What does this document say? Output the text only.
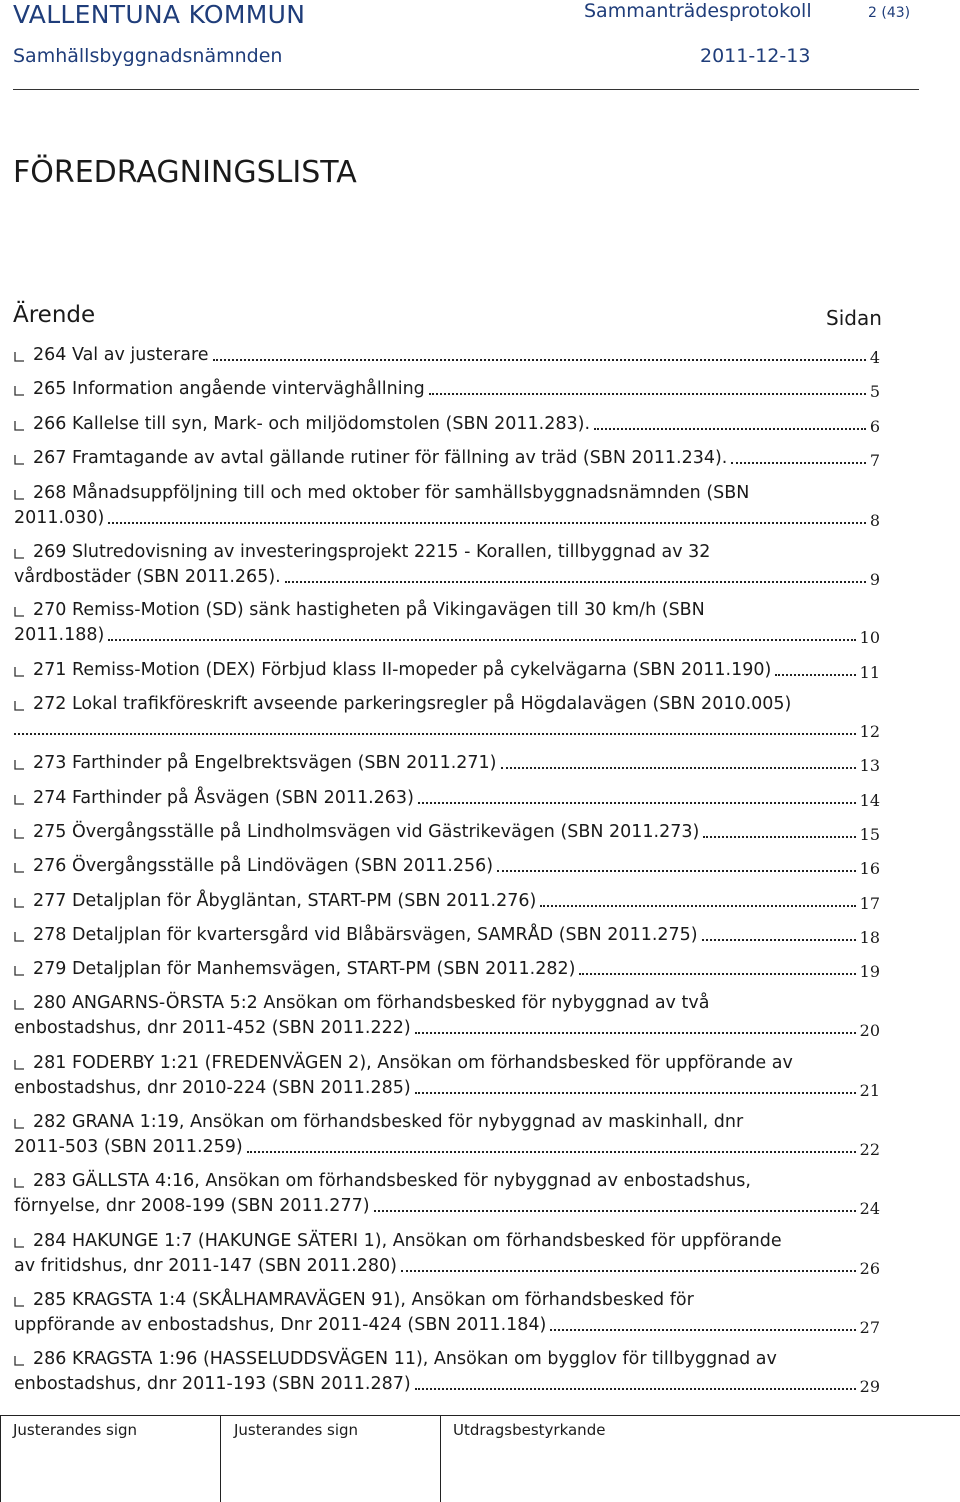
VALLENTUNA KOMMUN	Sammanträdesprotokoll	2 (43)
Samhällsbyggnadsnämnden	2011-12-13
FÖREDRAGNINGSLISTA
Ärende	Sidan
264 Val av justerare	4
265 Information angående vinterväghållning	5
266 Kallelse till syn, Mark- och miljödomstolen (SBN 2011.283).	6
267 Framtagande av avtal gällande rutiner för fällning av träd (SBN 2011.234).	7
268 Månadsuppföljning till och med oktober för samhällsbyggnadsnämnden (SBN
2011.030)	8
269 Slutredovisning av investeringsprojekt 2215 - Korallen, tillbyggnad av 32
vårdbostäder (SBN 2011.265).	9
270 Remiss-Motion (SD) sänk hastigheten på Vikingavägen till 30 km/h (SBN
2011.188)	10
271 Remiss-Motion (DEX) Förbjud klass II-mopeder på cykelvägarna (SBN 2011.190)	11
272 Lokal trafikföreskrift avseende parkeringsregler på Högdalavägen (SBN 2010.005)
12
273 Farthinder på Engelbrektsvägen (SBN 2011.271)	13
274 Farthinder på Åsvägen (SBN 2011.263)	14
275 Övergångsställe på Lindholmsvägen vid Gästrikevägen (SBN 2011.273)	15
276 Övergångsställe på Lindövägen (SBN 2011.256)	16
277 Detaljplan för Åbygläntan, START-PM (SBN 2011.276)	17
278 Detaljplan för kvartersgård vid Blåbärsvägen, SAMRÅD (SBN 2011.275)	18
279 Detaljplan för Manhemsvägen, START-PM (SBN 2011.282)	19
280 ANGARNS-ÖRSTA 5:2 Ansökan om förhandsbesked för nybyggnad av två
enbostadshus, dnr 2011-452 (SBN 2011.222)	20
281 FODERBY 1:21 (FREDENVÄGEN 2), Ansökan om förhandsbesked för uppförande av
enbostadshus, dnr 2010-224 (SBN 2011.285)	21
282 GRANA 1:19, Ansökan om förhandsbesked för nybyggnad av maskinhall, dnr
2011-503 (SBN 2011.259)	22
283 GÄLLSTA 4:16, Ansökan om förhandsbesked för nybyggnad av enbostadshus,
förnyelse, dnr 2008-199 (SBN 2011.277)	24
284 HAKUNGE 1:7 (HAKUNGE SÄTERI 1), Ansökan om förhandsbesked för uppförande
av fritidshus, dnr 2011-147 (SBN 2011.280)	26
285 KRAGSTA 1:4 (SKÅLHAMRAVÄGEN 91), Ansökan om förhandsbesked för
uppförande av enbostadshus, Dnr 2011-424 (SBN 2011.184)	27
286 KRAGSTA 1:96 (HASSELUDDSVÄGEN 11), Ansökan om bygglov för tillbyggnad av
enbostadshus, dnr 2011-193 (SBN 2011.287)	29
Justerandes sign	Justerandes sign	Utdragsbestyrkande
